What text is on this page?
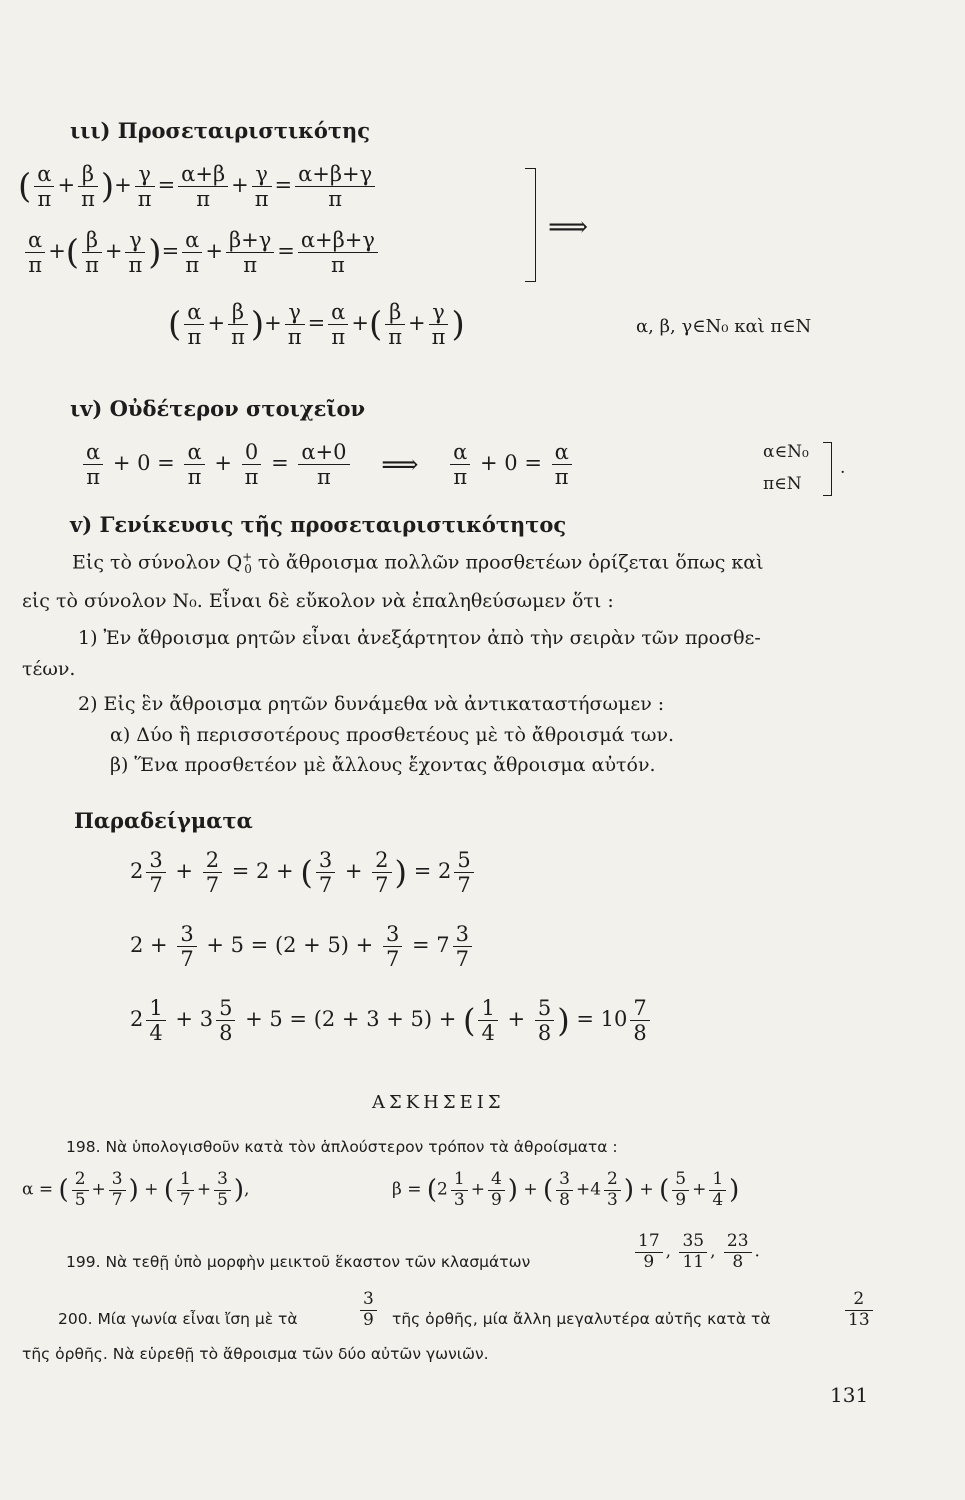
ιιι) Προσεταιριστικότης
( $\frac{\alpha}{\pi} + \frac{\beta}{\pi}$ )+ $\frac{\gamma}{\pi} = \frac{\alpha+\beta}{\pi} + \frac{\gamma}{\pi} = \frac{\alpha+\beta+\gamma}{\pi}$
$\frac{\alpha}{\pi}$ +( $\frac{\beta}{\pi} + \frac{\gamma}{\pi}$ )= $\frac{\alpha}{\pi} + \frac{\beta+\gamma}{\pi} = \frac{\alpha+\beta+\gamma}{\pi}$
⟹
( $\frac{\alpha}{\pi} + \frac{\beta}{\pi}$ )+ $\frac{\gamma}{\pi} = \frac{\alpha}{\pi}$ +( $\frac{\beta}{\pi} + \frac{\gamma}{\pi}$ )	α, β, γ∈N₀ καὶ π∈N
ιv) Οὐδέτερον στοιχεῖον
$\frac{\alpha}{\pi} + 0 = \frac{\alpha}{\pi} + \frac{0}{\pi} = \frac{\alpha+0}{\pi}$ ⟹ $\frac{\alpha}{\pi} + 0 = \frac{\alpha}{\pi}$	α∈N₀
π∈N
.
v) Γενίκευσις τῆς προσεταιριστικότητος
Εἰς τὸ σύνολον $Q^+_0$ τὸ ἄθροισμα πολλῶν προσθετέων ὁρίζεται ὅπως καὶ
εἰς τὸ σύνολον N₀. Εἶναι δὲ εὔκολον νὰ ἐπαληθεύσωμεν ὅτι :
1) Ἐν ἄθροισμα ρητῶν εἶναι ἀνεξάρτητον ἀπὸ τὴν σειρὰν τῶν προσθε-
τέων.
2) Εἰς ἓν ἄθροισμα ρητῶν δυνάμεθα νὰ ἀντικαταστήσωμεν :
α) Δύο ἢ περισσοτέρους προσθετέους μὲ τὸ ἄθροισμά των.
β) Ἕνα προσθετέον μὲ ἄλλους ἔχοντας ἄθροισμα αὐτόν.
Παραδείγματα
$2 \frac{3}{7} + \frac{2}{7} = 2$ + ( $\frac{3}{7} + \frac{2}{7}$ ) = $2 \frac{5}{7}$
$2 + \frac{3}{7} + 5 = (2 + 5) + \frac{3}{7} = 7 \frac{3}{7}$
$2 \frac{1}{4} + 3 \frac{5}{8} + 5 = (2 + 3 + 5)$ + ( $\frac{1}{4} + \frac{5}{8}$ ) = $10 \frac{7}{8}$
ΑΣΚΗΣΕΙΣ
198. Νὰ ὑπολογισθοῦν κατὰ τὸν ἁπλούστερον τρόπον τὰ ἀθροίσματα :
α = ( $\frac{2}{5} + \frac{3}{7}$ ) + ( $\frac{1}{7} + \frac{3}{5}$ ),	$\beta = (2 \frac{1}{3} + \frac{4}{9}$ ) + ( $\frac{3}{8} +4 \frac{2}{3}$ ) + ( $\frac{5}{9} + \frac{1}{4}$ )
199. Νὰ τεθῇ ὑπὸ μορφὴν μεικτοῦ ἕκαστον τῶν κλασμάτων	$\frac{17}{9}$ , $\frac{35}{11}$ , $\frac{23}{8}$ .
200. Μία γωνία εἶναι ἴση μὲ τὰ	$\frac{3}{9}$ τῆς ὀρθῆς, μία ἄλλη μεγαλυτέρα αὐτῆς κατὰ τὰ	$\frac{2}{13}$
τῆς ὀρθῆς. Νὰ εὑρεθῇ τὸ ἄθροισμα τῶν δύο αὐτῶν γωνιῶν.
131
